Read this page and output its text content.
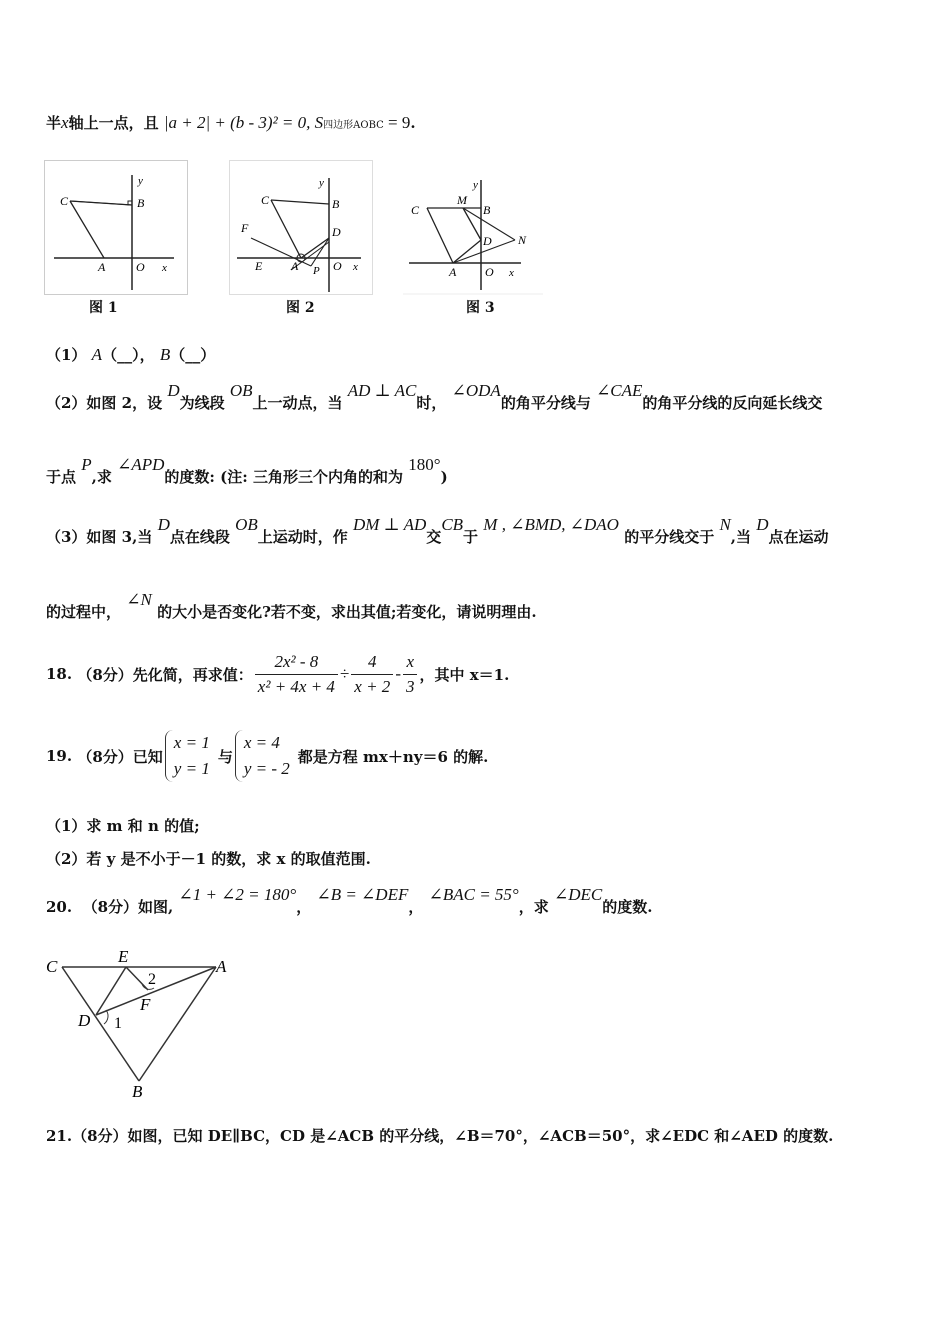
半x轴上一点，且 |a + 2| + (b - 3)² = 0, S四边形AOBC = 9.
C	B
A	O x
y
图 1
C	B
F	D
E A P O x
y
图 2
C
M
B
D N
A O x
y
图 3
（1） A（__）， B（__）
（2）如图 2，设 D为线段 OB上一动点，当 AD ⊥ AC时， ∠ODA的角平分线与 ∠CAE的角平分线的反向延长线交
于点 P,求 ∠APD的度数: (注: 三角形三个内角的和为 180°)
（3）如图 3,当 D点在线段 OB上运动时，作 DM ⊥ AD交CB于 M , ∠BMD, ∠DAO 的平分线交于 N,当 D点在运动
的过程中， ∠N 的大小是否变化?若不变，求出其值;若变化，请说明理由.
18.
（8分）先化简，再求值： $\frac{\text{2x² - 8}}{\text{x² + 4x + 4}} \div \frac{4}{x + 2} - \frac{x}{3}$ ，其中 x＝1.
19.
（8分）已知
x = 1
y = 1
与
x = 4
y = - 2
都是方程 mx＋ny＝6 的解.
（1）求 m 和 n 的值;
（2）若 y 是不小于－1 的数，求 x 的取值范围.
20. （8分）如图, ∠1 + ∠2 = 180°， ∠B = ∠DEF， ∠BAC = 55°，求 ∠DEC的度数.
C
E
A
F
D
B
1
2
21.（8分）如图，已知 DE∥BC，CD 是∠ACB 的平分线，∠B＝70°，∠ACB＝50°，求∠EDC 和∠AED 的度数.
